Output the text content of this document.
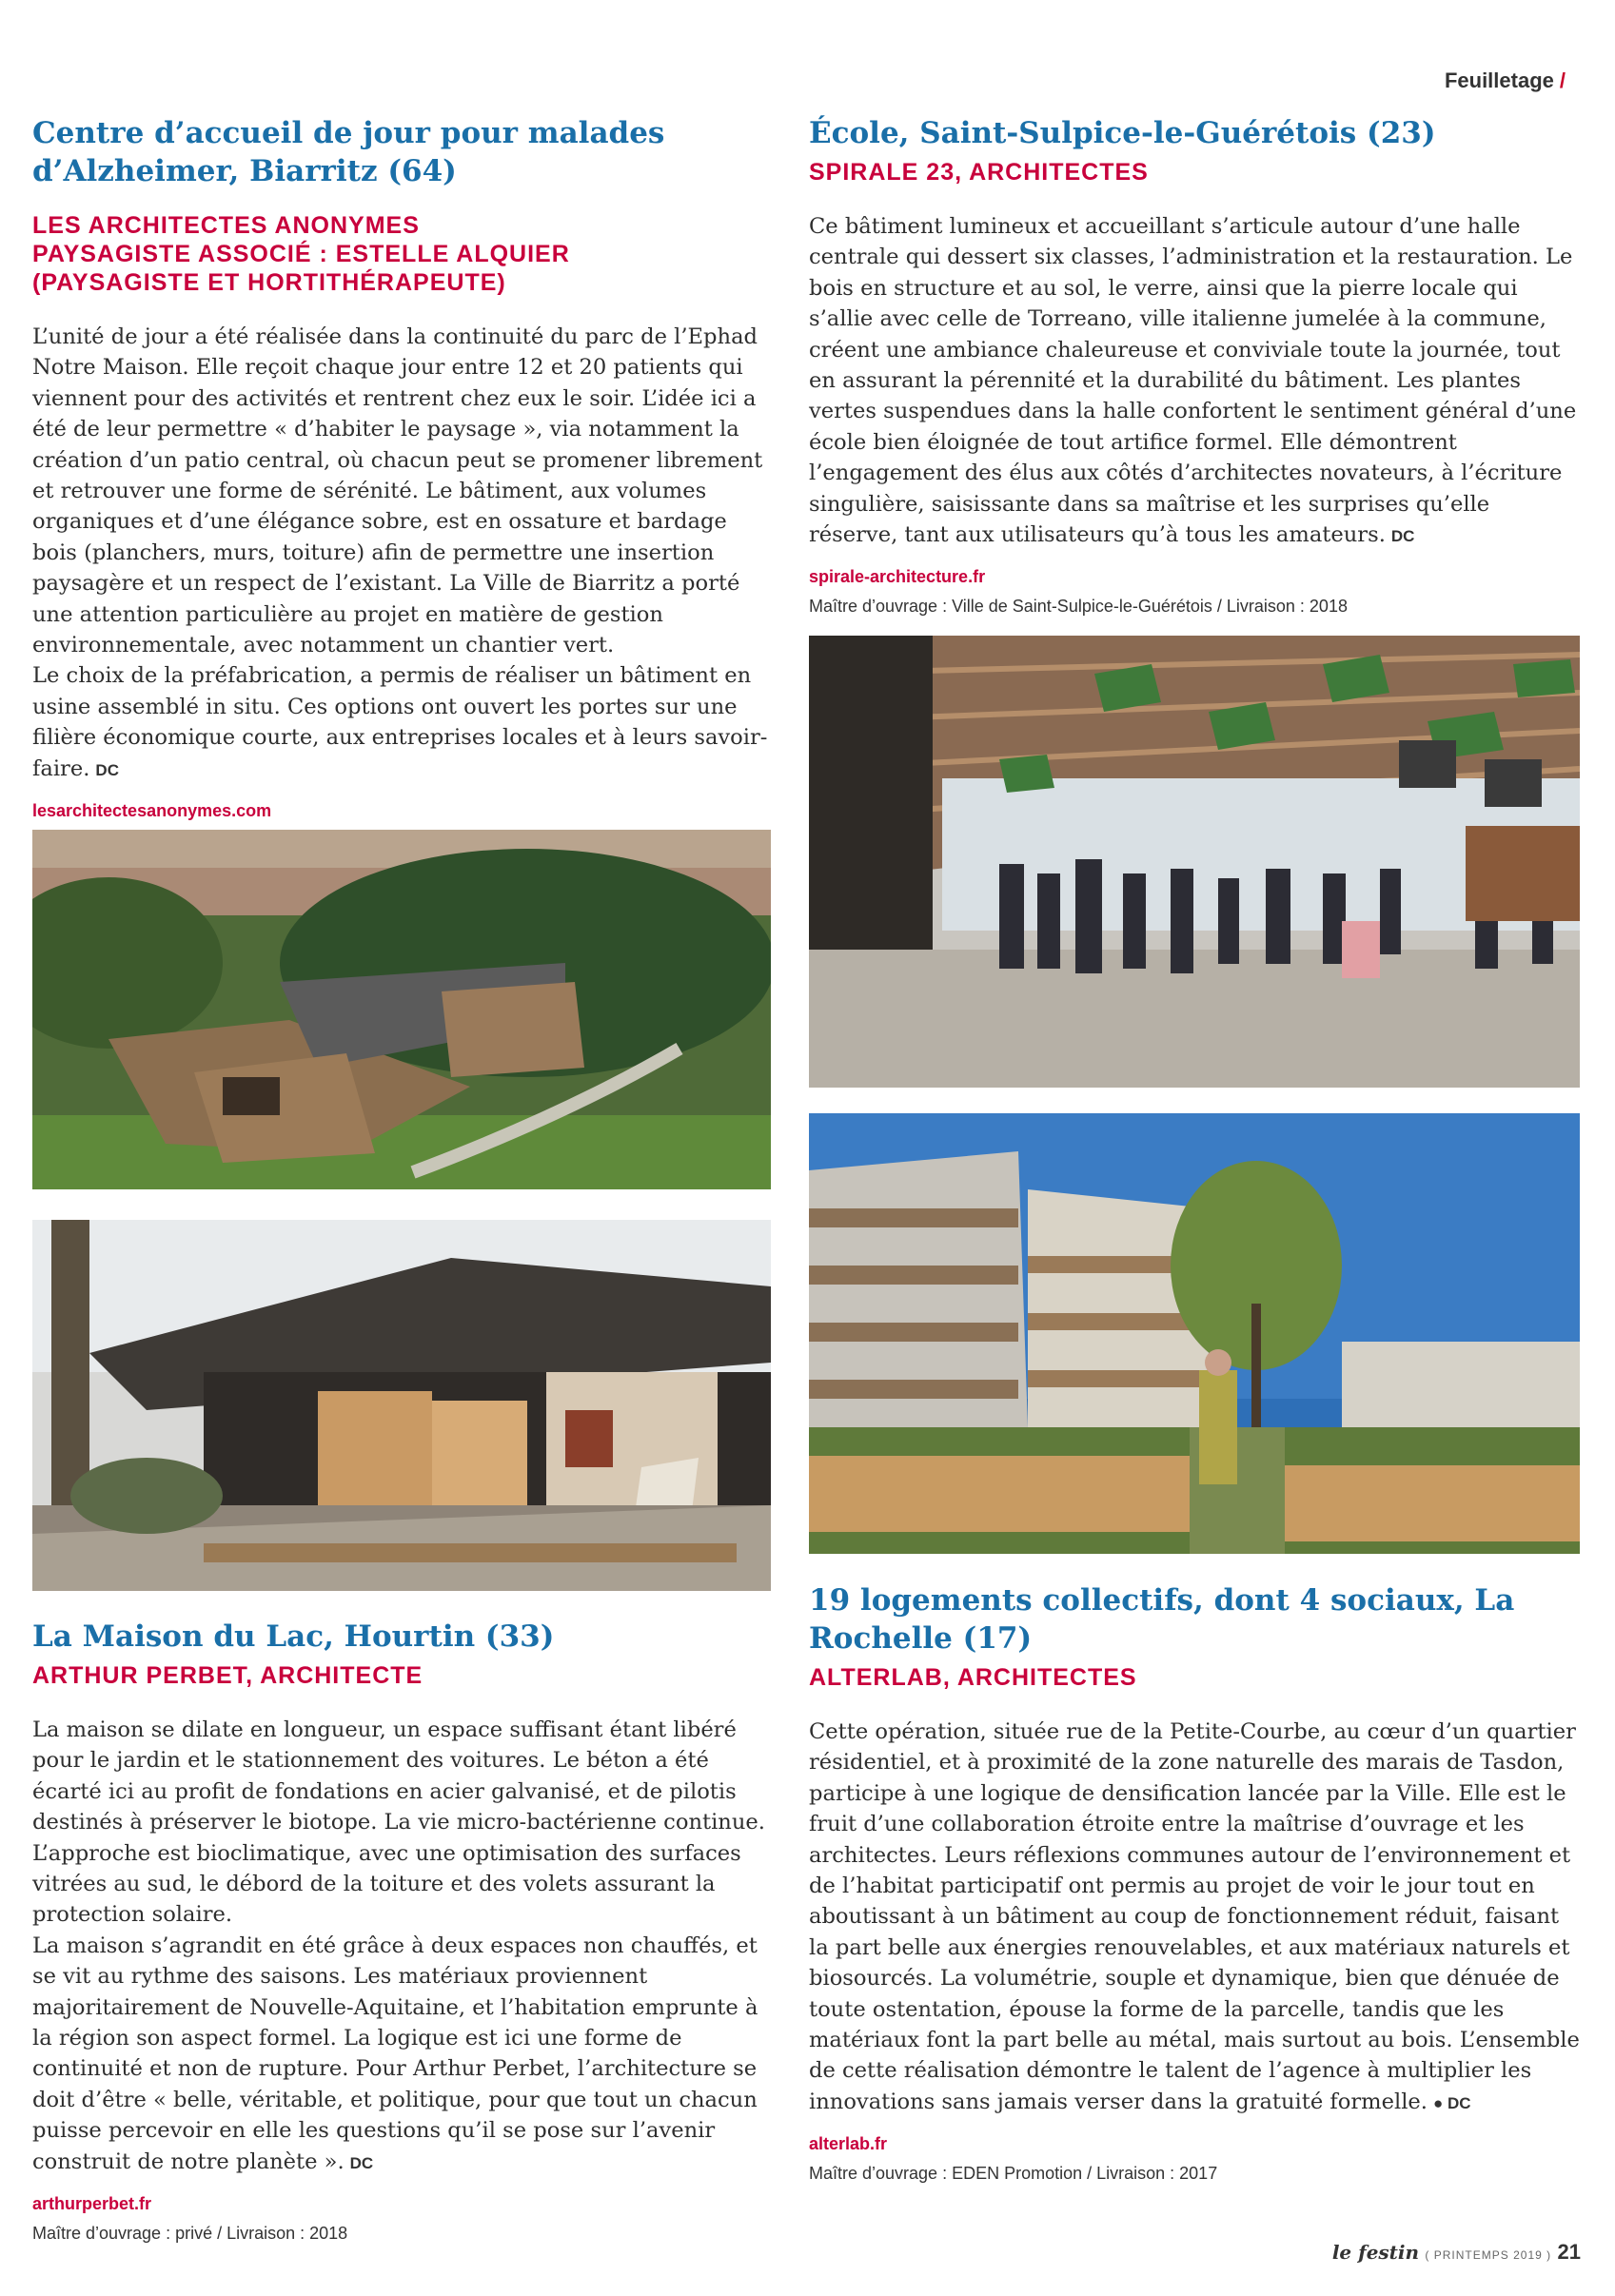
Feuilletage /
Centre d’accueil de jour pour malades d’Alzheimer, Biarritz (64)
LES ARCHITECTES ANONYMES
PAYSAGISTE ASSOCIÉ : ESTELLE ALQUIER
(PAYSAGISTE ET HORTITHÉRAPEUTE)

L’unité de jour a été réalisée dans la continuité du parc de l’Ephad Notre Maison. Elle reçoit chaque jour entre 12 et 20 patients qui viennent pour des activités et rentrent chez eux le soir. L’idée ici a été de leur permettre « d’habiter le paysage », via notamment la création d’un patio central, où chacun peut se promener librement et retrouver une forme de sérénité. Le bâtiment, aux volumes organiques et d’une élégance sobre, est en ossature et bardage bois (planchers, murs, toiture) afin de permettre une insertion paysagère et un respect de l’existant. La Ville de Biarritz a porté une attention particulière au projet en matière de gestion environnementale, avec notamment un chantier vert.

Le choix de la préfabrication, a permis de réaliser un bâtiment en usine assemblé in situ. Ces options ont ouvert les portes sur une filière économique courte, aux entreprises locales et à leurs savoir-faire. DC

lesarchitectesanonymes.com
La Maison du Lac, Hourtin (33)
ARTHUR PERBET, ARCHITECTE

La maison se dilate en longueur, un espace suffisant étant libéré pour le jardin et le stationnement des voitures. Le béton a été écarté ici au profit de fondations en acier galvanisé, et de pilotis destinés à préserver le biotope. La vie micro-bactérienne continue. L’approche est bioclimatique, avec une optimisation des surfaces vitrées au sud, le débord de la toiture et des volets assurant la protection solaire.

La maison s’agrandit en été grâce à deux espaces non chauffés, et se vit au rythme des saisons. Les matériaux proviennent majoritairement de Nouvelle-Aquitaine, et l’habitation emprunte à la région son aspect formel. La logique est ici une forme de continuité et non de rupture. Pour Arthur Perbet, l’architecture se doit d’être « belle, véritable, et politique, pour que tout un chacun puisse percevoir en elle les questions qu’il se pose sur l’avenir construit de notre planète ». DC

arthurperbet.fr
Maître d’ouvrage : privé / Livraison : 2018
École, Saint-Sulpice-le-Guérétois (23)
SPIRALE 23, ARCHITECTES

Ce bâtiment lumineux et accueillant s’articule autour d’une halle centrale qui dessert six classes, l’administration et la restauration. Le bois en structure et au sol, le verre, ainsi que la pierre locale qui s’allie avec celle de Torreano, ville italienne jumelée à la commune, créent une ambiance chaleureuse et conviviale toute la journée, tout en assurant la pérennité et la durabilité du bâtiment. Les plantes vertes suspendues dans la halle confortent le sentiment général d’une école bien éloignée de tout artifice formel. Elle démontrent l’engagement des élus aux côtés d’architectes novateurs, à l’écriture singulière, saisissante dans sa maîtrise et les surprises qu’elle réserve, tant aux utilisateurs qu’à tous les amateurs. DC

spirale-architecture.fr
Maître d’ouvrage : Ville de Saint-Sulpice-le-Guérétois / Livraison : 2018
19 logements collectifs, dont 4 sociaux, La Rochelle (17)
ALTERLAB, ARCHITECTES

Cette opération, située rue de la Petite-Courbe, au cœur d’un quartier résidentiel, et à proximité de la zone naturelle des marais de Tasdon, participe à une logique de densification lancée par la Ville. Elle est le fruit d’une collaboration étroite entre la maîtrise d’ouvrage et les architectes. Leurs réflexions communes autour de l’environnement et de l’habitat participatif ont permis au projet de voir le jour tout en aboutissant à un bâtiment au coup de fonctionnement réduit, faisant la part belle aux énergies renouvelables, et aux matériaux naturels et biosourcés. La volumétrie, souple et dynamique, bien que dénuée de toute ostentation, épouse la forme de la parcelle, tandis que les matériaux font la part belle au métal, mais surtout au bois. L’ensemble de cette réalisation démontre le talent de l’agence à multiplier les innovations sans jamais verser dans la gratuité formelle. ● DC

alterlab.fr
Maître d’ouvrage : EDEN Promotion / Livraison : 2017
le festin ( PRINTEMPS 2019 ) 21
